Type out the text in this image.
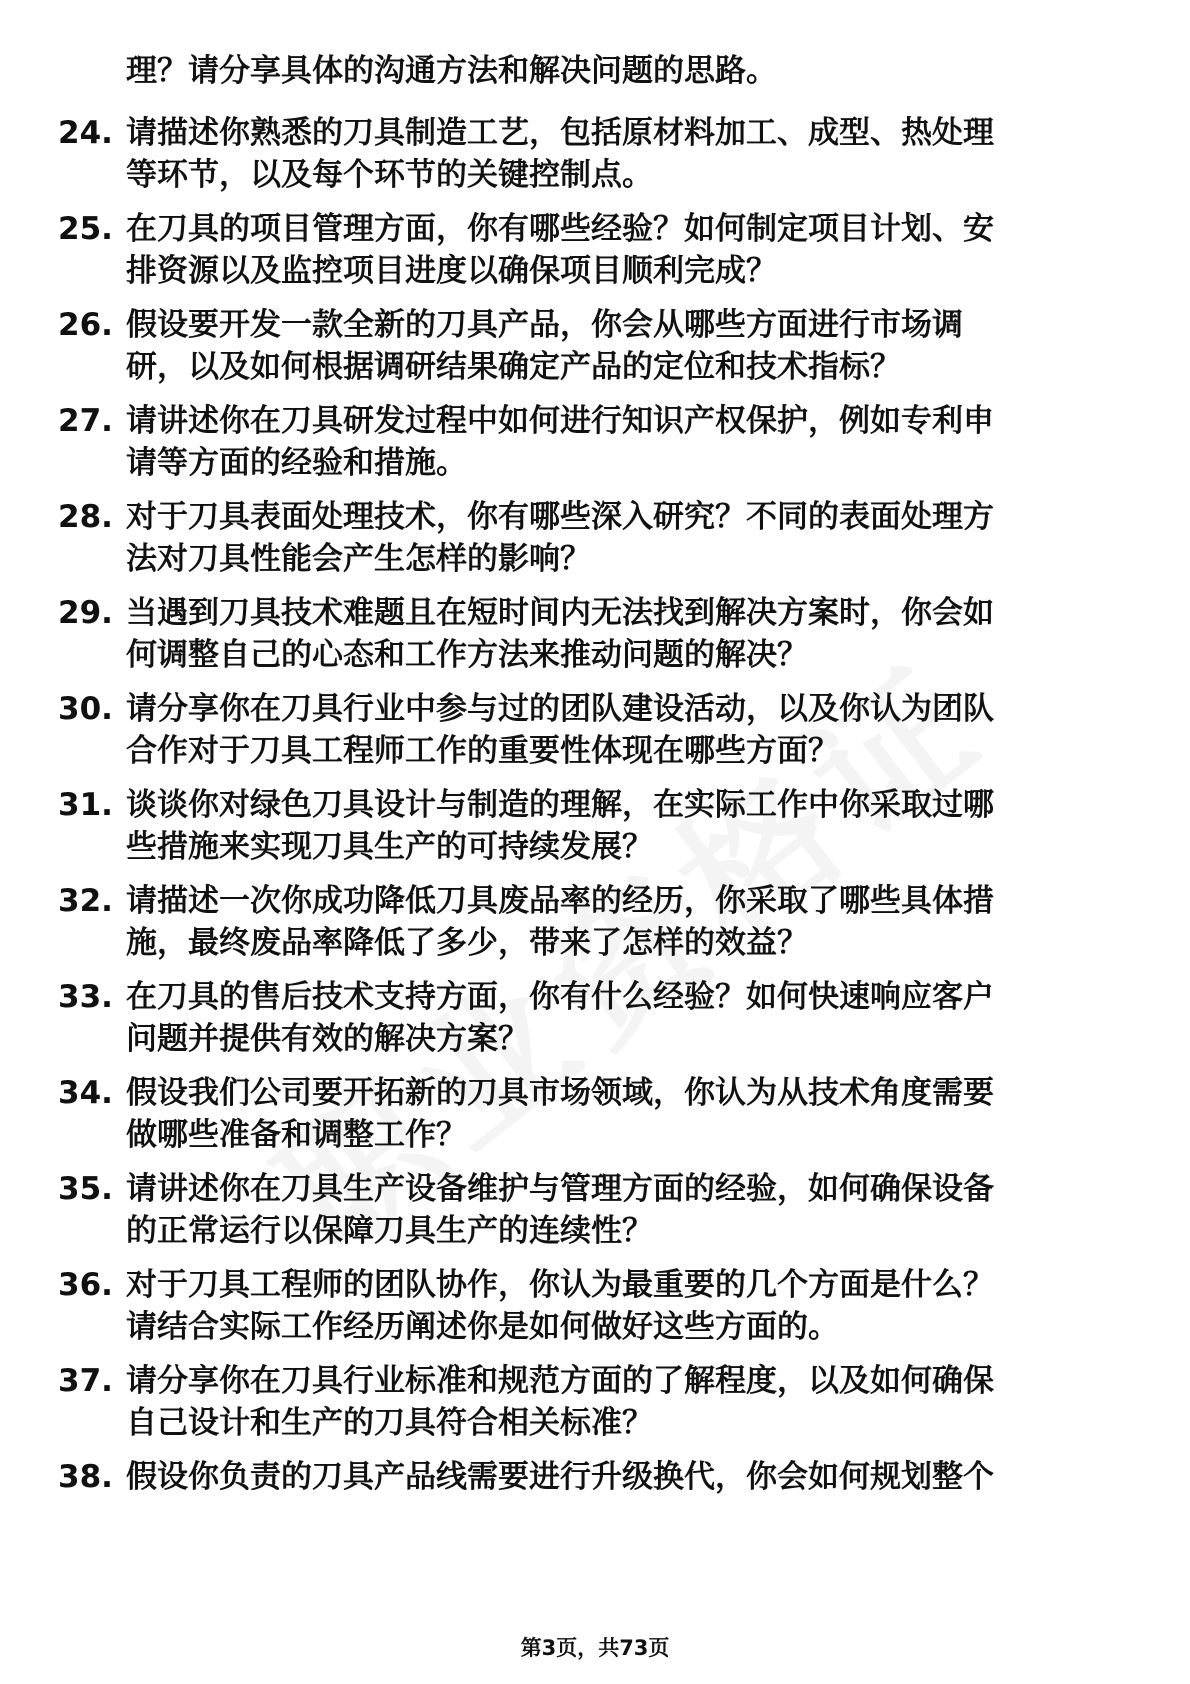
理？请分享具体的沟通方法和解决问题的思路。
24. 请描述你熟悉的刀具制造工艺，包括原材料加工、成型、热处理
等环节，以及每个环节的关键控制点。
25. 在刀具的项目管理方面，你有哪些经验？如何制定项目计划、安
排资源以及监控项目进度以确保项目顺利完成？
26. 假设要开发一款全新的刀具产品，你会从哪些方面进行市场调
研，以及如何根据调研结果确定产品的定位和技术指标？
27. 请讲述你在刀具研发过程中如何进行知识产权保护，例如专利申
请等方面的经验和措施。
28. 对于刀具表面处理技术，你有哪些深入研究？不同的表面处理方
法对刀具性能会产生怎样的影响？
29. 当遇到刀具技术难题且在短时间内无法找到解决方案时，你会如
何调整自己的心态和工作方法来推动问题的解决？
30. 请分享你在刀具行业中参与过的团队建设活动，以及你认为团队
合作对于刀具工程师工作的重要性体现在哪些方面？
31. 谈谈你对绿色刀具设计与制造的理解，在实际工作中你采取过哪
些措施来实现刀具生产的可持续发展？
32. 请描述一次你成功降低刀具废品率的经历，你采取了哪些具体措
施，最终废品率降低了多少，带来了怎样的效益？
33. 在刀具的售后技术支持方面，你有什么经验？如何快速响应客户
问题并提供有效的解决方案？
34. 假设我们公司要开拓新的刀具市场领域，你认为从技术角度需要
做哪些准备和调整工作？
35. 请讲述你在刀具生产设备维护与管理方面的经验，如何确保设备
的正常运行以保障刀具生产的连续性？
36. 对于刀具工程师的团队协作，你认为最重要的几个方面是什么？
请结合实际工作经历阐述你是如何做好这些方面的。
37. 请分享你在刀具行业标准和规范方面的了解程度，以及如何确保
自己设计和生产的刀具符合相关标准？
38. 假设你负责的刀具产品线需要进行升级换代，你会如何规划整个
第3页，共73页
